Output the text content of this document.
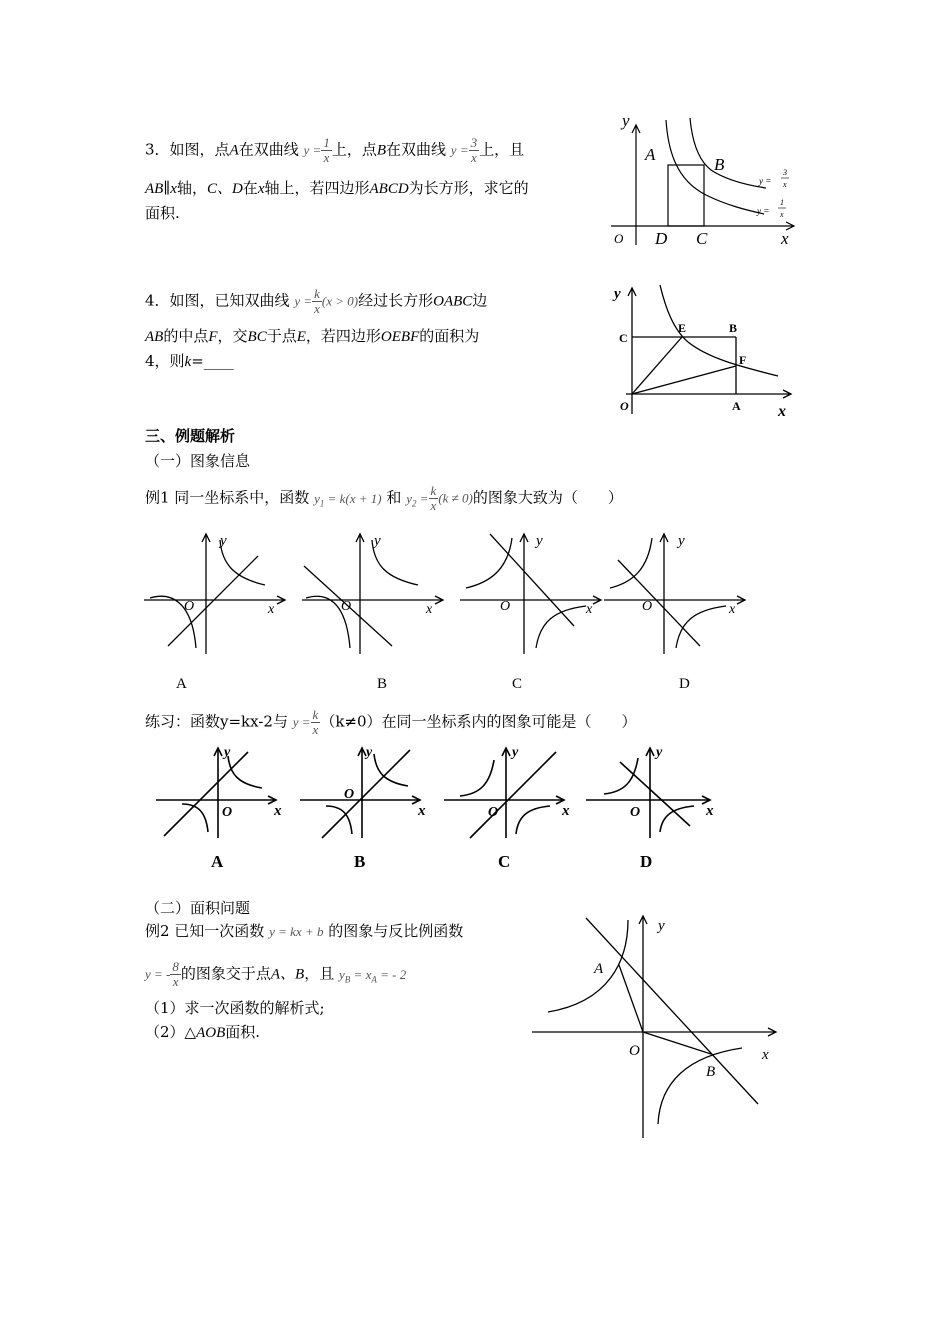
3．如图，点A在双曲线 $y = \frac{1}{x}$ 上，点B在双曲线 $y = \frac{3}{x}$ 上，且
AB∥x轴，C、D在x轴上，若四边形ABCD为长方形，求它的
面积.
y
x
O
A
B
C
D
y =
3
x
y =
1
x
4．如图，已知双曲线 $y = \frac{k}{x} (x > 0)$经过长方形OABC边
AB的中点F，交BC于点E，若四边形OEBF的面积为
4，则k=____
y
x
O
C
E	B
F
A
三、例题解析
（一）图象信息
例1 同一坐标系中，函数 $y_1 = k(x + 1)$ 和 $y_2 = \frac{k}{x} (k \ne 0)$的图象大致为（　　）
y
x
O
A
y
x
O
B
y
x
O
C
y
x
O
D
练习：函数y=kx-2与 $y = \frac{k}{x} (k\ne 0)$在同一坐标系内的图象可能是（　　）
y
x
O
A
y
x
O
B
y
x
O
C
y
x
O
D
（二）面积问题
例2 已知一次函数 y = kx + b 的图象与反比例函数
y = - $\frac{8}{x}$ 的图象交于点A、B，且 $y_B = x_A$ = - 2
（1）求一次函数的解析式;
（2）△AOB面积.
y
x
O
A
B
